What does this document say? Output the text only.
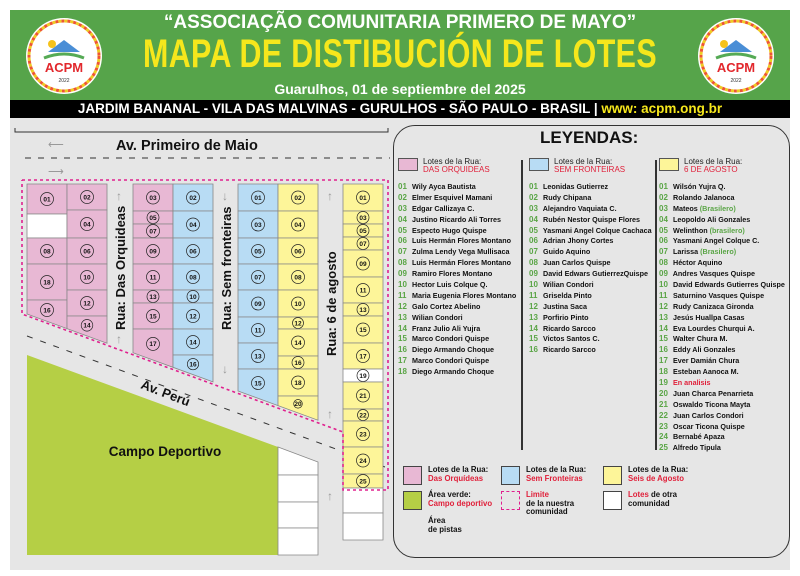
ACPM
2022
ACPM
2022
“ASSOCIAÇÃO COMUNITARIA PRIMERO DE MAYO”
MAPA DE DISTIBUCIÓN DE LOTES
Guarulhos, 01 de septiembre del 2025
JARDIM BANANAL - VILA DAS MALVINAS - GURULHOS - SÃO PAULO - BRASIL | www: acpm.ong.br
⟵
⟶
Av. Primeiro de Maio
Campo Deportivo
Av. Perú
01
08
18
16
02
04
06
10
12
14
03
05
07
09
11
13
15
17
02
04
06
08
10
12
14
16
01
03
05
07
09
11
13
15
02
04
06
08
10
12
14
16
18
20
01
03
05
07
09
11
13
15
17
19
21
22
23
24
25
Rua: Das Orquideas	Rua: Sem fronteiras	Rua: 6 de agosto
↑
↑
↓
↓
↑
↑
↑
LEYENDAS:
Lotes de la Rua:
DAS ORQUIDEAS
01 Wily Ayca Bautista
02 Elmer Esquivel Mamani
03 Edgar Callizaya C.
04 Justino Ricardo Ali Torres
05 Especto Hugo Quispe
06 Luis Hermán Flores Montano
07 Zulma Lendy Vega Mullisaca
08 Luis Hermán Flores Montano
09 Ramiro Flores Montano
10 Hector Luis Colque Q.
11 Maria Eugenia Flores Montano
12 Galo Cortez Abelino
13 Wilian Condori
14 Franz Julio Ali Yujra
15 Marco Condori Quispe
16 Diego Armando Choque
17 Marco Condori Quispe
18 Diego Armando Choque
Lotes de la Rua:
SEM FRONTEIRAS
01 Leonidas Gutierrez
02 Rudy Chipana
03 Alejandro Vaquiata C.
04 Rubén Nestor Quispe Flores
05 Yasmani Angel Colque Cachaca
06 Adrian Jhony Cortes
07 Guido Aquino
08 Juan Carlos Quispe
09 David Edwars GutierrezQuispe
10 Wilian Condori
11 Griselda Pinto
12 Justina Saca
13 Porfirio Pinto
14 Ricardo Sarcco
15 Victos Santos C.
16 Ricardo Sarcco
Lotes de la Rua:
6 DE AGOSTO
01 Wilsón Yujra Q.
02 Rolando Jalanoca
03 Mateos (Brasilero)
04 Leopoldo Ali Gonzales
05 Welinthon (brasilero)
06 Yasmani Angel Colque C.
07 Larissa (Brasilero)
08 Héctor Aquino
09 Andres Vasques Quispe
10 David Edwards Gutierres Quispe
11 Saturnino Vasques Quispe
12 Rudy Canizaca Gironda
13 Jesús Huallpa Casas
14 Eva Lourdes Churqui A.
15 Walter Chura M.
16 Eddy Ali Gonzales
17 Ever Damián Chura
18 Esteban Aanoca M.
19 En analisis
20 Juan Charca Penarrieta
21 Oswaldo Ticona Mayta
22 Juan Carlos Condori
23 Oscar Ticona Quispe
24 Bernabé Apaza
25 Alfredo Tipula
Lotes de la Rua:
Das Orquídeas
Lotes de la Rua:
Sem Fronteiras
Lotes de la Rua:
Seis de Agosto
Área verde:
Campo deportivo
Limite
de la nuestra
comunidad
Lotes de otra
comunidad
Área
de pistas
